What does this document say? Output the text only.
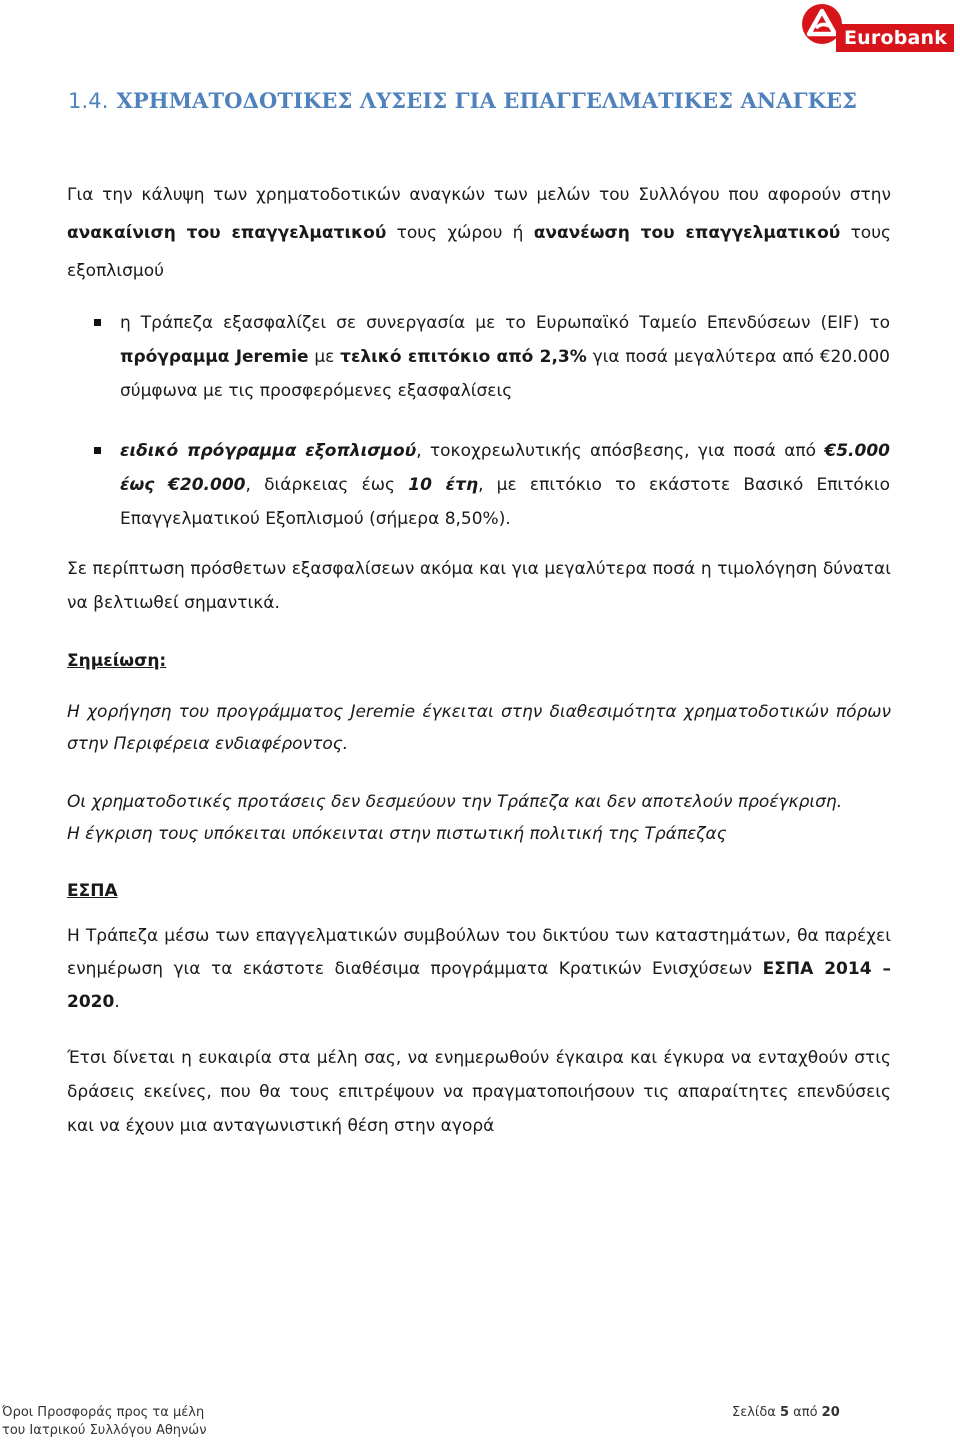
Eurobank
1.4. ΧΡΗΜΑΤΟΔΟΤΙΚΕΣ ΛΥΣΕΙΣ ΓΙΑ ΕΠΑΓΓΕΛΜΑΤΙΚΕΣ ΑΝΑΓΚΕΣ

Για την κάλυψη των χρηματοδοτικών αναγκών των μελών του Συλλόγου που αφορούν στην ανακαίνιση του επαγγελματικού τους χώρου ή ανανέωση του επαγγελματικού τους εξοπλισμού

η Τράπεζα εξασφαλίζει σε συνεργασία με το Ευρωπαϊκό Ταμείο Επενδύσεων (EIF) το πρόγραμμα Jeremie με τελικό επιτόκιο από 2,3% για ποσά μεγαλύτερα από €20.000 σύμφωνα με τις προσφερόμενες εξασφαλίσεις

ειδικό πρόγραμμα εξοπλισμού, τοκοχρεωλυτικής απόσβεσης, για ποσά από €5.000 έως €20.000, διάρκειας έως 10 έτη, με επιτόκιο το εκάστοτε Βασικό Επιτόκιο Επαγγελματικού Εξοπλισμού (σήμερα 8,50%).

Σε περίπτωση πρόσθετων εξασφαλίσεων ακόμα και για μεγαλύτερα ποσά η τιμολόγηση δύναται να βελτιωθεί σημαντικά.

Σημείωση:

Η χορήγηση του προγράμματος Jeremie έγκειται στην διαθεσιμότητα χρηματοδοτικών πόρων στην Περιφέρεια ενδιαφέροντος.

Οι χρηματοδοτικές προτάσεις δεν δεσμεύουν την Τράπεζα και δεν αποτελούν προέγκριση.
Η έγκριση τους υπόκειται υπόκεινται στην πιστωτική πολιτική της Τράπεζας

ΕΣΠΑ

Η Τράπεζα μέσω των επαγγελματικών συμβούλων του δικτύου των καταστημάτων, θα παρέχει ενημέρωση για τα εκάστοτε διαθέσιμα προγράμματα Κρατικών Ενισχύσεων ΕΣΠΑ 2014 – 2020.

Έτσι δίνεται η ευκαιρία στα μέλη σας, να ενημερωθούν έγκαιρα και έγκυρα να ενταχθούν στις δράσεις εκείνες, που θα τους επιτρέψουν να πραγματοποιήσουν τις απαραίτητες επενδύσεις και να έχουν μια ανταγωνιστική θέση στην αγορά

Όροι Προσφοράς προς τα μέλη
του Ιατρικού Συλλόγου Αθηνών
Σελίδα 5 από 20
